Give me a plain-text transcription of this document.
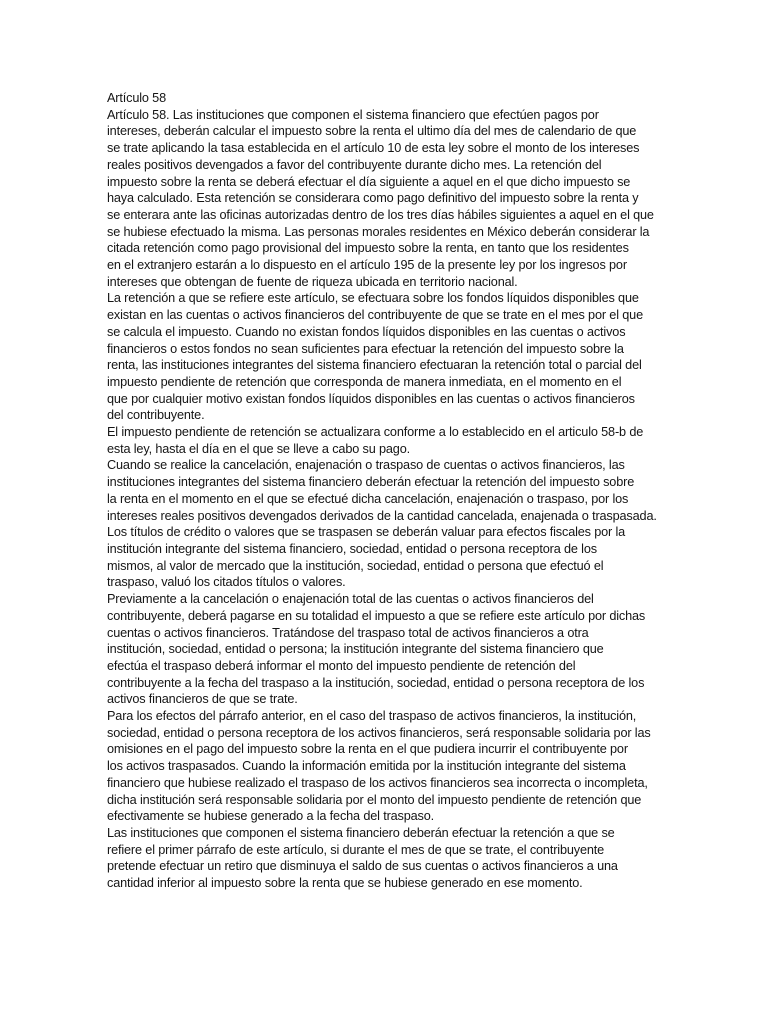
Artículo 58

Artículo 58. Las instituciones que componen el sistema financiero que efectúen pagos por
intereses, deberán calcular el impuesto sobre la renta el ultimo día del mes de calendario de que
se trate aplicando la tasa establecida en el artículo 10 de esta ley sobre el monto de los intereses
reales positivos devengados a favor del contribuyente durante dicho mes. La retención del
impuesto sobre la renta se deberá efectuar el día siguiente a aquel en el que dicho impuesto se
haya calculado. Esta retención se considerara como pago definitivo del impuesto sobre la renta y
se enterara ante las oficinas autorizadas dentro de los tres días hábiles siguientes a aquel en el que
se hubiese efectuado la misma. Las personas morales residentes en México deberán considerar la
citada retención como pago provisional del impuesto sobre la renta, en tanto que los residentes
en el extranjero estarán a lo dispuesto en el artículo 195 de la presente ley por los ingresos por
intereses que obtengan de fuente de riqueza ubicada en territorio nacional.

La retención a que se refiere este artículo, se efectuara sobre los fondos líquidos disponibles que
existan en las cuentas o activos financieros del contribuyente de que se trate en el mes por el que
se calcula el impuesto. Cuando no existan fondos líquidos disponibles en las cuentas o activos
financieros o estos fondos no sean suficientes para efectuar la retención del impuesto sobre la
renta, las instituciones integrantes del sistema financiero efectuaran la retención total o parcial del
impuesto pendiente de retención que corresponda de manera inmediata, en el momento en el
que por cualquier motivo existan fondos líquidos disponibles en las cuentas o activos financieros
del contribuyente.

El impuesto pendiente de retención se actualizara conforme a lo establecido en el articulo 58-b de
esta ley, hasta el día en el que se lleve a cabo su pago.

Cuando se realice la cancelación, enajenación o traspaso de cuentas o activos financieros, las
instituciones integrantes del sistema financiero deberán efectuar la retención del impuesto sobre
la renta en el momento en el que se efectué dicha cancelación, enajenación o traspaso, por los
intereses reales positivos devengados derivados de la cantidad cancelada, enajenada o traspasada.

Los títulos de crédito o valores que se traspasen se deberán valuar para efectos fiscales por la
institución integrante del sistema financiero, sociedad, entidad o persona receptora de los
mismos, al valor de mercado que la institución, sociedad, entidad o persona que efectuó el
traspaso, valuó los citados títulos o valores.

Previamente a la cancelación o enajenación total de las cuentas o activos financieros del
contribuyente, deberá pagarse en su totalidad el impuesto a que se refiere este artículo por dichas
cuentas o activos financieros. Tratándose del traspaso total de activos financieros a otra
institución, sociedad, entidad o persona; la institución integrante del sistema financiero que
efectúa el traspaso deberá informar el monto del impuesto pendiente de retención del
contribuyente a la fecha del traspaso a la institución, sociedad, entidad o persona receptora de los
activos financieros de que se trate.

Para los efectos del párrafo anterior, en el caso del traspaso de activos financieros, la institución,
sociedad, entidad o persona receptora de los activos financieros, será responsable solidaria por las
omisiones en el pago del impuesto sobre la renta en el que pudiera incurrir el contribuyente por
los activos traspasados. Cuando la información emitida por la institución integrante del sistema
financiero que hubiese realizado el traspaso de los activos financieros sea incorrecta o incompleta,
dicha institución será responsable solidaria por el monto del impuesto pendiente de retención que
efectivamente se hubiese generado a la fecha del traspaso.

Las instituciones que componen el sistema financiero deberán efectuar la retención a que se
refiere el primer párrafo de este artículo, si durante el mes de que se trate, el contribuyente
pretende efectuar un retiro que disminuya el saldo de sus cuentas o activos financieros a una
cantidad inferior al impuesto sobre la renta que se hubiese generado en ese momento.
